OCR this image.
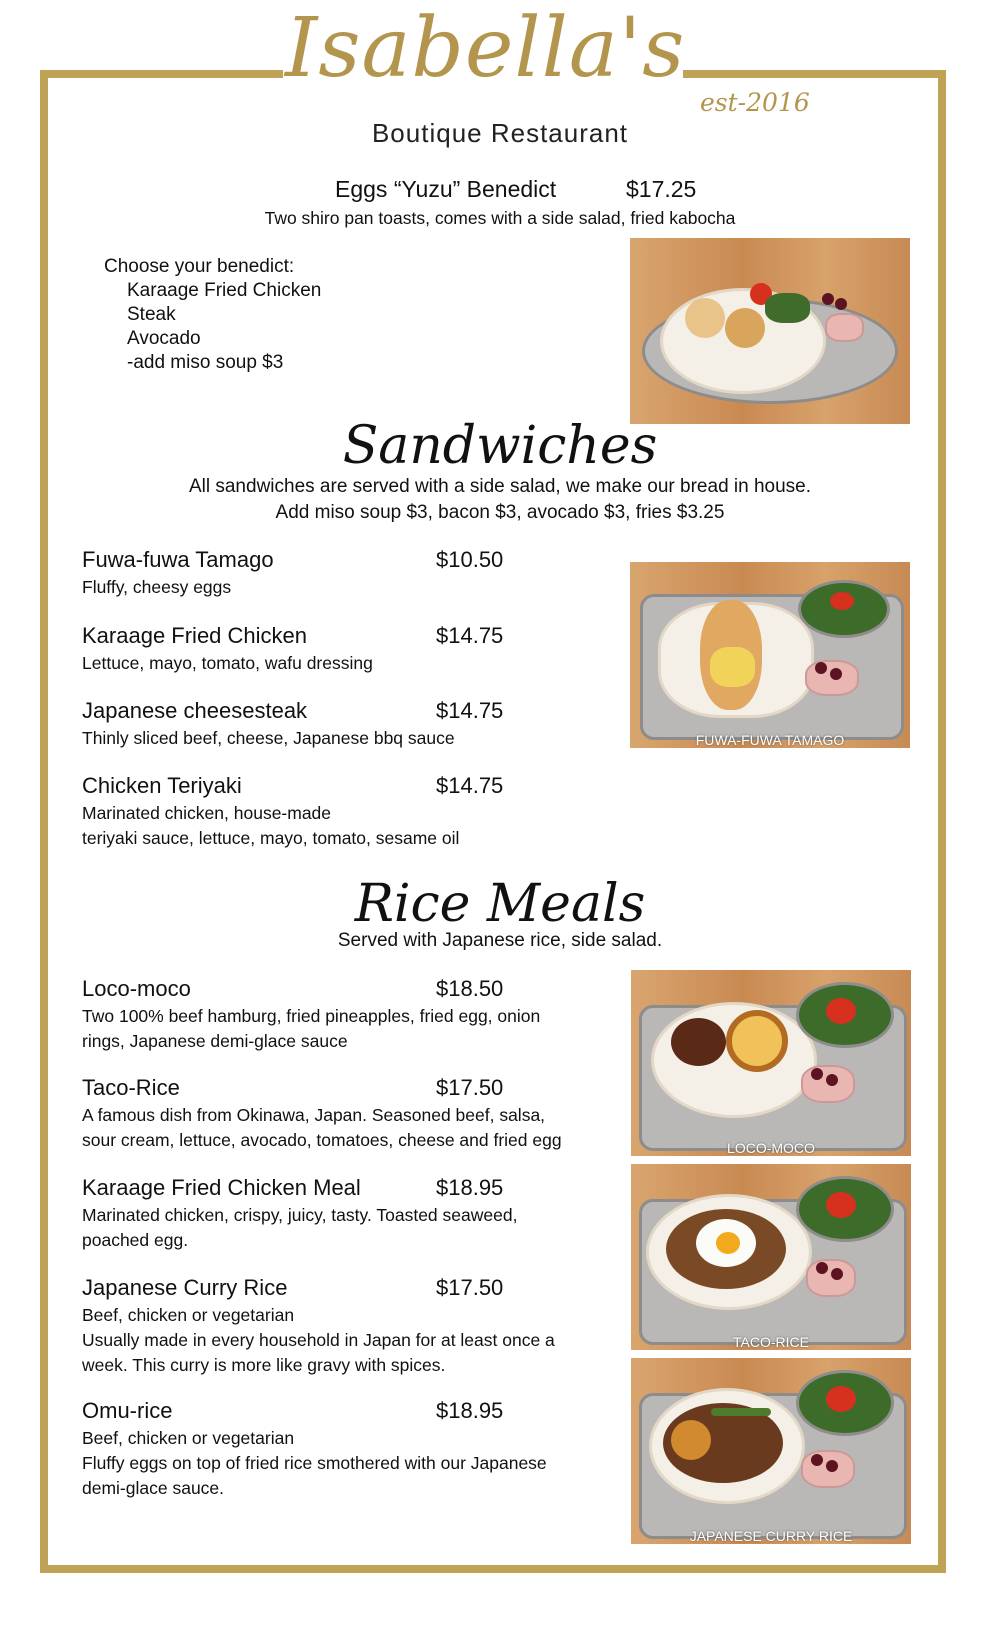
Isabella's
est-2016
Boutique Restaurant
Eggs “Yuzu” Benedict	$17.25
Two shiro pan toasts, comes with a side salad, fried kabocha
Choose your benedict:
Karaage Fried Chicken
Steak
Avocado
-add miso soup $3
Sandwiches
All sandwiches are served with a side salad, we make our bread in house.
Add miso soup $3, bacon $3, avocado $3, fries $3.25
Fuwa-fuwa Tamago	$10.50
Fluffy, cheesy eggs
Karaage Fried Chicken	$14.75
Lettuce, mayo, tomato, wafu dressing
Japanese cheesesteak	$14.75
Thinly sliced beef, cheese, Japanese bbq sauce
Chicken Teriyaki	$14.75
Marinated chicken, house-made
teriyaki sauce, lettuce, mayo, tomato, sesame oil
FUWA-FUWA TAMAGO
Rice Meals
Served with Japanese rice, side salad.
Loco-moco	$18.50
Two 100% beef hamburg, fried pineapples, fried egg, onion
rings, Japanese demi-glace sauce
Taco-Rice	$17.50
A famous dish from Okinawa, Japan. Seasoned beef, salsa,
sour cream, lettuce, avocado, tomatoes, cheese and fried egg
Karaage Fried Chicken Meal	$18.95
Marinated chicken, crispy, juicy, tasty. Toasted seaweed,
poached egg.
Japanese Curry Rice	$17.50
Beef, chicken or vegetarian
Usually made in every household in Japan for at least once a
week. This curry is more like gravy with spices.
Omu-rice	$18.95
Beef, chicken or vegetarian
Fluffy eggs on top of fried rice smothered with our Japanese
demi-glace sauce.
LOCO-MOCO
TACO-RICE
JAPANESE CURRY RICE
